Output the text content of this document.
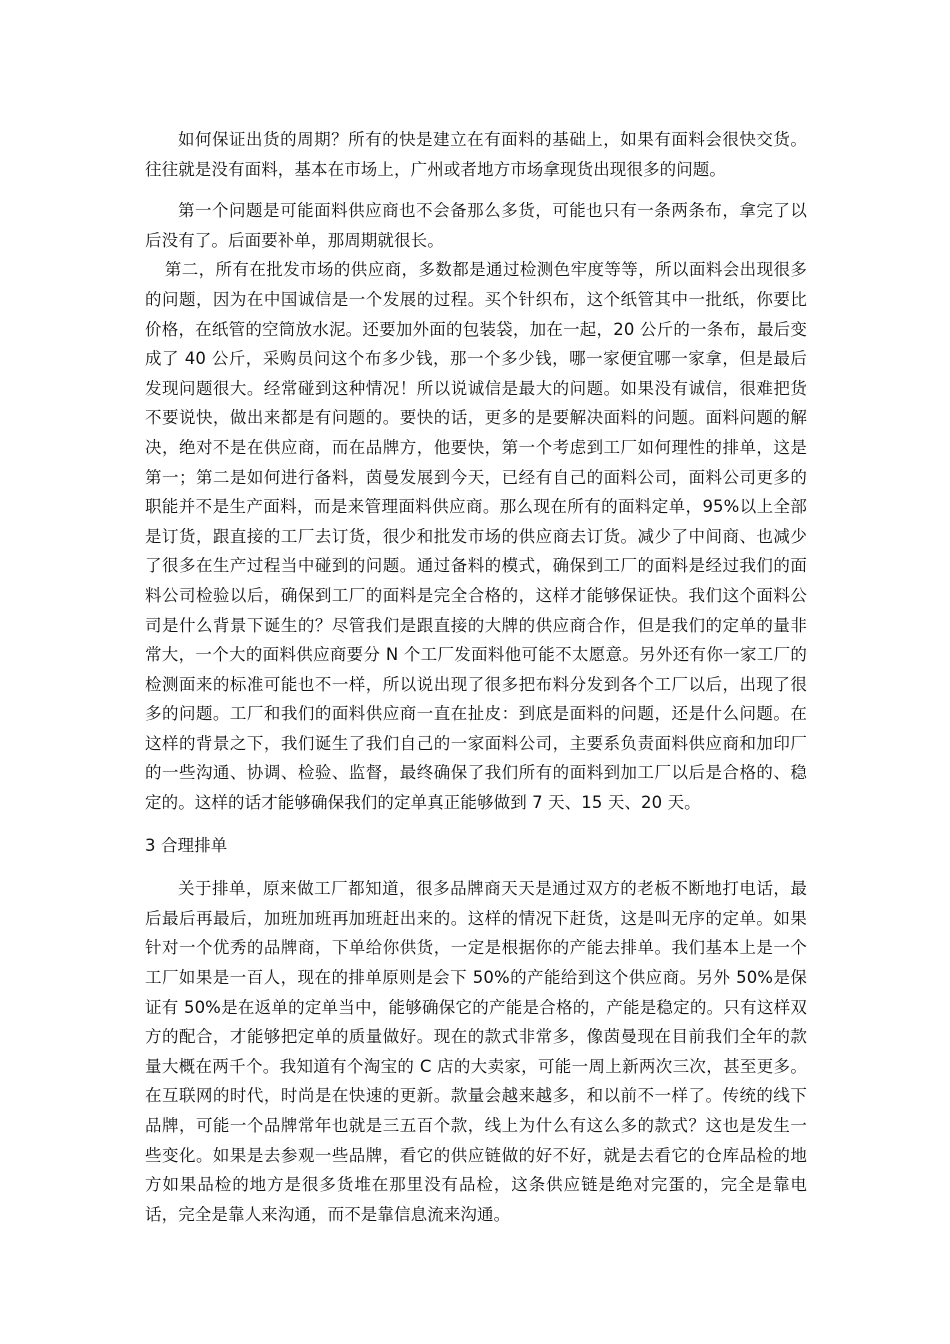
如何保证出货的周期？所有的快是建立在有面料的基础上，如果有面料会很快交货。往往就是没有面料，基本在市场上，广州或者地方市场拿现货出现很多的问题。

第一个问题是可能面料供应商也不会备那么多货，可能也只有一条两条布，拿完了以后没有了。后面要补单，那周期就很长。

第二，所有在批发市场的供应商，多数都是通过检测色牢度等等，所以面料会出现很多的问题，因为在中国诚信是一个发展的过程。买个针织布，这个纸管其中一批纸，你要比价格，在纸管的空筒放水泥。还要加外面的包装袋，加在一起，20 公斤的一条布，最后变成了 40 公斤，采购员问这个布多少钱，那一个多少钱，哪一家便宜哪一家拿，但是最后发现问题很大。经常碰到这种情况！所以说诚信是最大的问题。如果没有诚信，很难把货不要说快，做出来都是有问题的。要快的话，更多的是要解决面料的问题。面料问题的解决，绝对不是在供应商，而在品牌方，他要快，第一个考虑到工厂如何理性的排单，这是第一；第二是如何进行备料，茵曼发展到今天，已经有自己的面料公司，面料公司更多的职能并不是生产面料，而是来管理面料供应商。那么现在所有的面料定单，95%以上全部是订货，跟直接的工厂去订货，很少和批发市场的供应商去订货。减少了中间商、也减少了很多在生产过程当中碰到的问题。通过备料的模式，确保到工厂的面料是经过我们的面料公司检验以后，确保到工厂的面料是完全合格的，这样才能够保证快。我们这个面料公司是什么背景下诞生的？尽管我们是跟直接的大牌的供应商合作，但是我们的定单的量非常大，一个大的面料供应商要分 N 个工厂发面料他可能不太愿意。另外还有你一家工厂的检测面来的标准可能也不一样，所以说出现了很多把布料分发到各个工厂以后，出现了很多的问题。工厂和我们的面料供应商一直在扯皮：到底是面料的问题，还是什么问题。在这样的背景之下，我们诞生了我们自己的一家面料公司，主要系负责面料供应商和加印厂的一些沟通、协调、检验、监督，最终确保了我们所有的面料到加工厂以后是合格的、稳定的。这样的话才能够确保我们的定单真正能够做到 7 天、15 天、20 天。

3 合理排单

关于排单，原来做工厂都知道，很多品牌商天天是通过双方的老板不断地打电话，最后最后再最后，加班加班再加班赶出来的。这样的情况下赶货，这是叫无序的定单。如果针对一个优秀的品牌商，下单给你供货，一定是根据你的产能去排单。我们基本上是一个工厂如果是一百人，现在的排单原则是会下 50%的产能给到这个供应商。另外 50%是保证有 50%是在返单的定单当中，能够确保它的产能是合格的，产能是稳定的。只有这样双方的配合，才能够把定单的质量做好。现在的款式非常多，像茵曼现在目前我们全年的款量大概在两千个。我知道有个淘宝的 C 店的大卖家，可能一周上新两次三次，甚至更多。在互联网的时代，时尚是在快速的更新。款量会越来越多，和以前不一样了。传统的线下品牌，可能一个品牌常年也就是三五百个款，线上为什么有这么多的款式？这也是发生一些变化。如果是去参观一些品牌，看它的供应链做的好不好，就是去看它的仓库品检的地方如果品检的地方是很多货堆在那里没有品检，这条供应链是绝对完蛋的，完全是靠电话，完全是靠人来沟通，而不是靠信息流来沟通。
